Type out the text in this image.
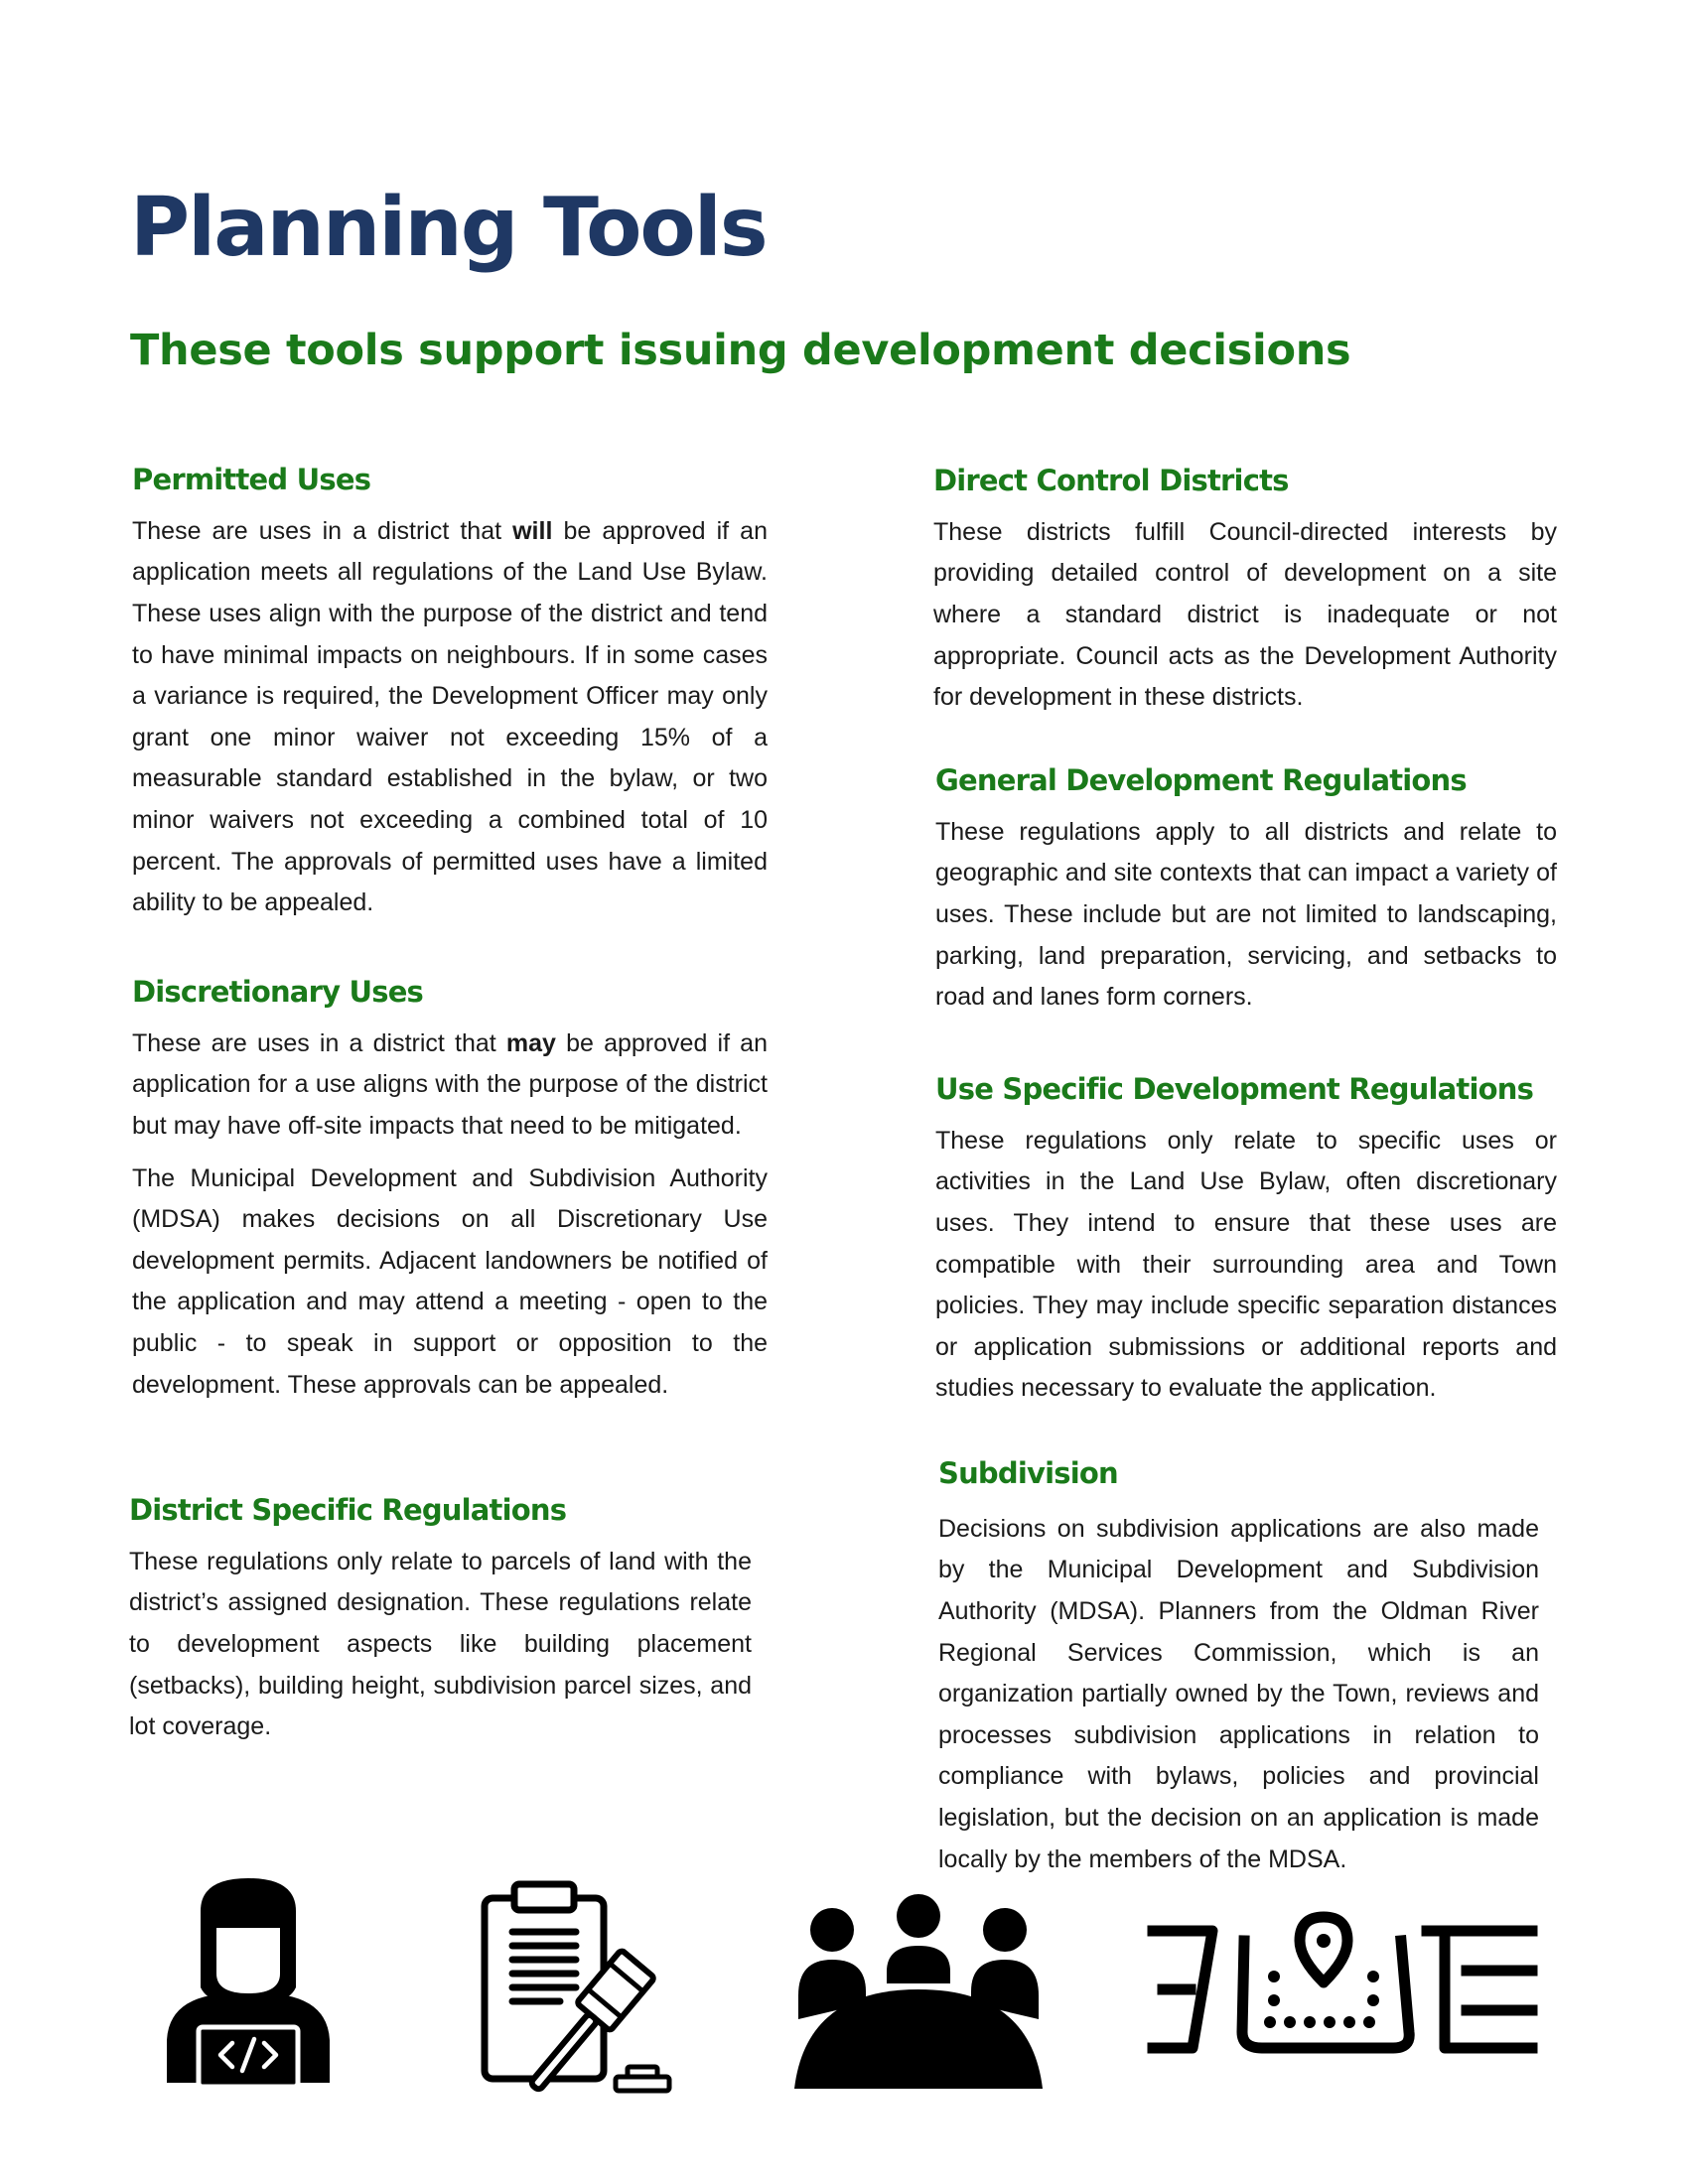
Planning Tools
These tools support issuing development decisions
Permitted Uses

These are uses in a district that will be approved if an application meets all regulations of the Land Use Bylaw. These uses align with the purpose of the district and tend to have minimal impacts on neighbours. If in some cases a variance is required, the Development Officer may only grant one minor waiver not exceeding 15% of a measurable standard established in the bylaw, or two minor waivers not exceeding a combined total of 10 percent. The approvals of permitted uses have a limited ability to be appealed.

Discretionary Uses

These are uses in a district that may be approved if an application for a use aligns with the purpose of the district but may have off-site impacts that need to be mitigated.

The Municipal Development and Subdivision Authority (MDSA) makes decisions on all Discretionary Use development permits. Adjacent landowners be notified of the application and may attend a meeting - open to the public - to speak in support or opposition to the development. These approvals can be appealed.

District Specific Regulations

These regulations only relate to parcels of land with the district’s assigned designation. These regulations relate to development aspects like building placement (setbacks), building height, subdivision parcel sizes, and lot coverage.

Direct Control Districts

These districts fulfill Council-directed interests by providing detailed control of development on a site where a standard district is inadequate or not appropriate. Council acts as the Development Authority for development in these districts.

General Development Regulations

These regulations apply to all districts and relate to geographic and site contexts that can impact a variety of uses. These include but are not limited to landscaping, parking, land preparation, servicing, and setbacks to road and lanes form corners.

Use Specific Development Regulations

These regulations only relate to specific uses or activities in the Land Use Bylaw, often discretionary uses. They intend to ensure that these uses are compatible with their surrounding area and Town policies. They may include specific separation distances or application submissions or additional reports and studies necessary to evaluate the application.

Subdivision

Decisions on subdivision applications are also made by the Municipal Development and Subdivision Authority (MDSA). Planners from the Oldman River Regional Services Commission, which is an organization partially owned by the Town, reviews and processes subdivision applications in relation to compliance with bylaws, policies and provincial legislation, but the decision on an application is made locally by the members of the MDSA.
